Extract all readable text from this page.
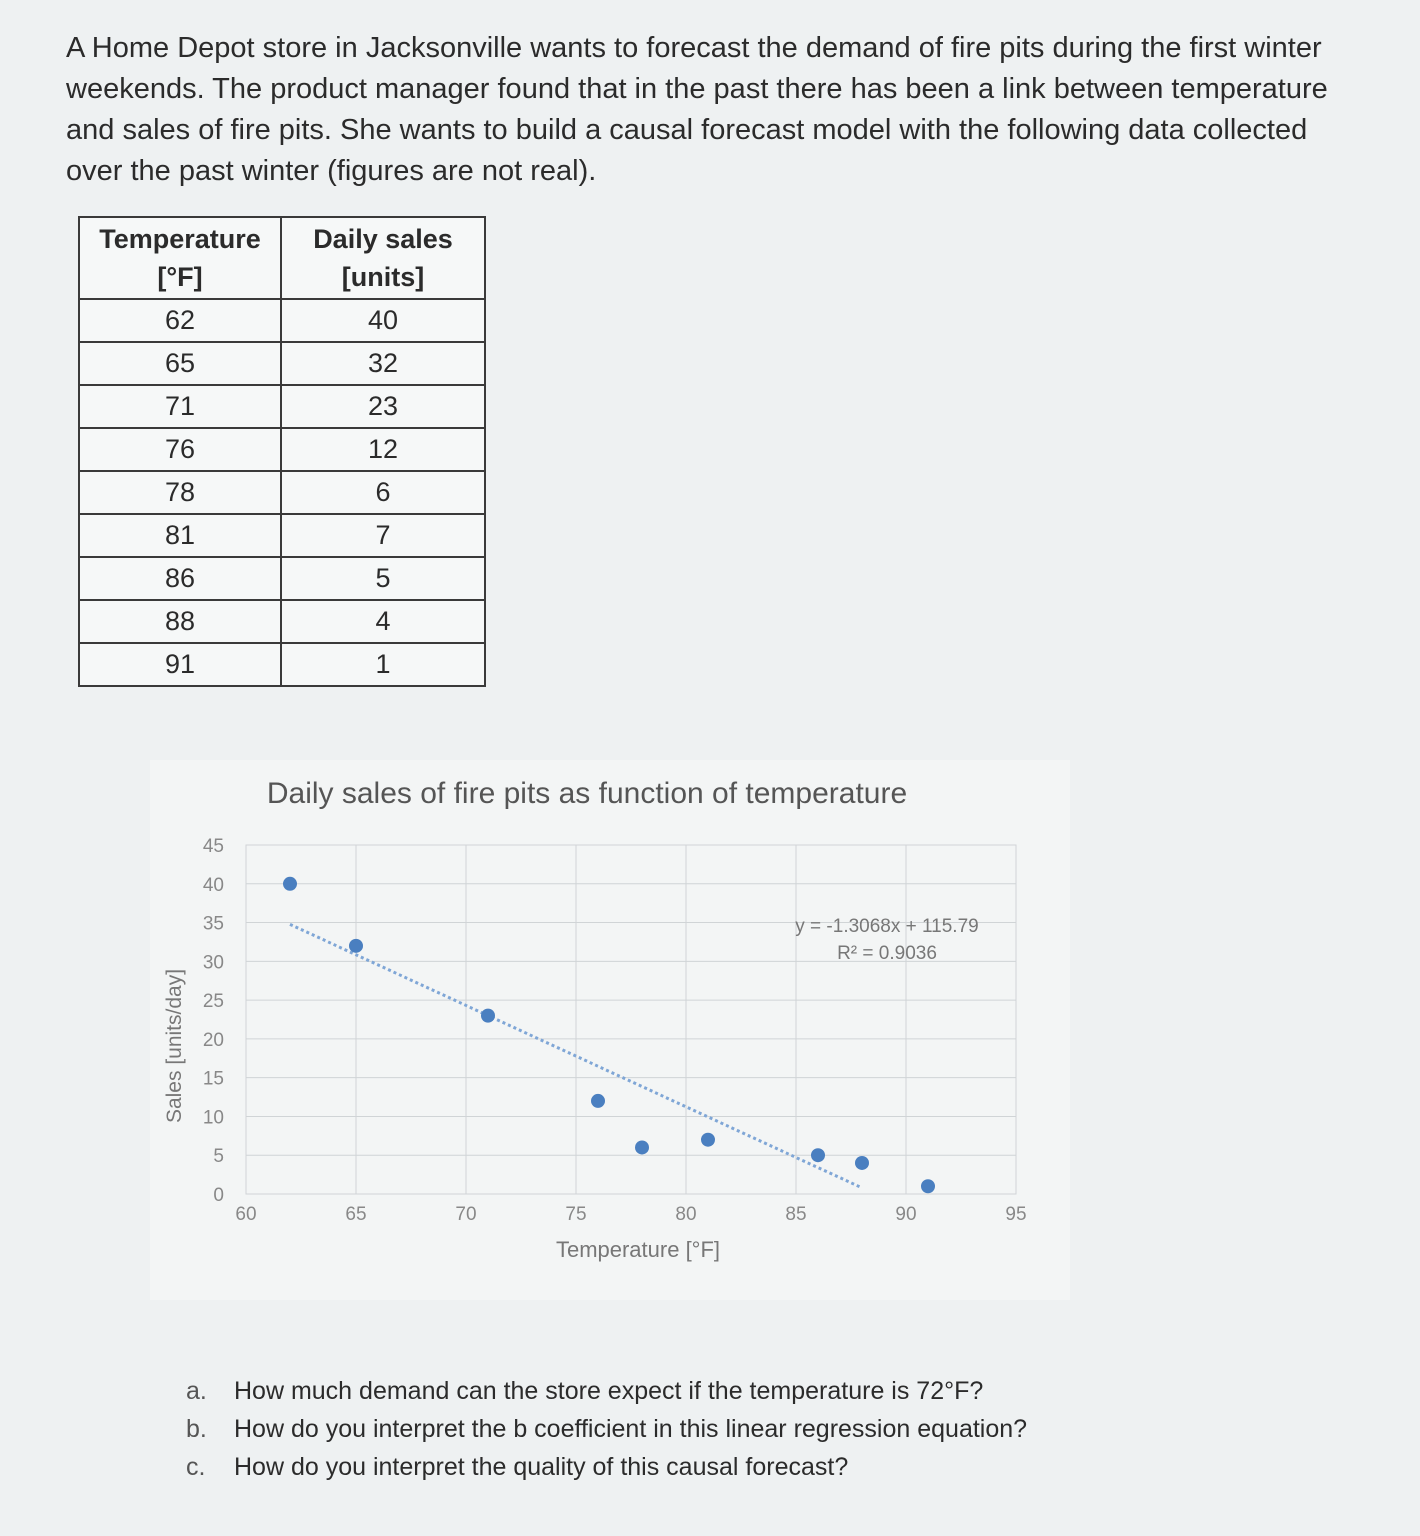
A Home Depot store in Jacksonville wants to forecast the demand of fire pits during the first winter weekends. The product manager found that in the past there has been a link between temperature and sales of fire pits. She wants to build a causal forecast model with the following data collected over the past winter (figures are not real).

Temperature [°F]	Daily sales [units]
62	40
65	32
71	23
76	12
78	6
81	7
86	5
88	4
91	1
Daily sales of fire pits as function of temperature
0
5
10
15
20
25
30
35
40
45
60	65	70	75	80	85	90	95
y = -1.3068x + 115.79
R² = 0.9036
Temperature [°F]
Sales [units/day]
a.	How much demand can the store expect if the temperature is 72°F?
b.	How do you interpret the b coefficient in this linear regression equation?
c.	How do you interpret the quality of this causal forecast?
